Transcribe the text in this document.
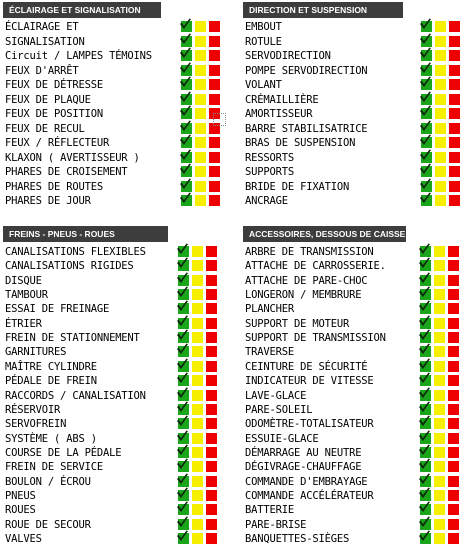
ÉCLAIRAGE ET SIGNALISATION
ÉCLAIRAGE ET
SIGNALISATION
Circuit / LAMPES TÉMOINS
FEUX D'ARRÊT
FEUX DE DÉTRESSE
FEUX DE PLAQUE
FEUX DE POSITION
FEUX DE RECUL
FEUX / RÉFLECTEUR
KLAXON ( AVERTISSEUR )
PHARES DE CROISEMENT
PHARES DE ROUTES
PHARES DE JOUR
DIRECTION ET SUSPENSION
EMBOUT
ROTULE
SERVODIRECTION
POMPE SERVODIRECTION
VOLANT
CRÉMAILLIÈRE
AMORTISSEUR
BARRE STABILISATRICE
BRAS DE SUSPENSION
RESSORTS
SUPPORTS
BRIDE DE FIXATION
ANCRAGE
FREINS - PNEUS - ROUES
CANALISATIONS FLEXIBLES
CANALISATIONS RIGIDES
DISQUE
TAMBOUR
ESSAI DE FREINAGE
ÉTRIER
FREIN DE STATIONNEMENT
GARNITURES
MAÎTRE CYLINDRE
PÉDALE DE FREIN
RACCORDS / CANALISATION
RÉSERVOIR
SERVOFREIN
SYSTÈME ( ABS )
COURSE DE LA PÉDALE
FREIN DE SERVICE
BOULON / ÉCROU
PNEUS
ROUES
ROUE DE SECOUR
VALVES
ACCESSOIRES, DESSOUS DE CAISSE
ARBRE DE TRANSMISSION
ATTACHE DE CARROSSERIE.
ATTACHE DE PARE-CHOC
LONGERON / MEMBRURE
PLANCHER
SUPPORT DE MOTEUR
SUPPORT DE TRANSMISSION
TRAVERSE
CEINTURE DE SÉCURITÉ
INDICATEUR DE VITESSE
LAVE-GLACE
PARE-SOLEIL
ODOMÈTRE-TOTALISATEUR
ESSUIE-GLACE
DÉMARRAGE AU NEUTRE
DÉGIVRAGE-CHAUFFAGE
COMMANDE D'EMBRAYAGE
COMMANDE ACCÉLÉRATEUR
BATTERIE
PARE-BRISE
BANQUETTES-SIÈGES
